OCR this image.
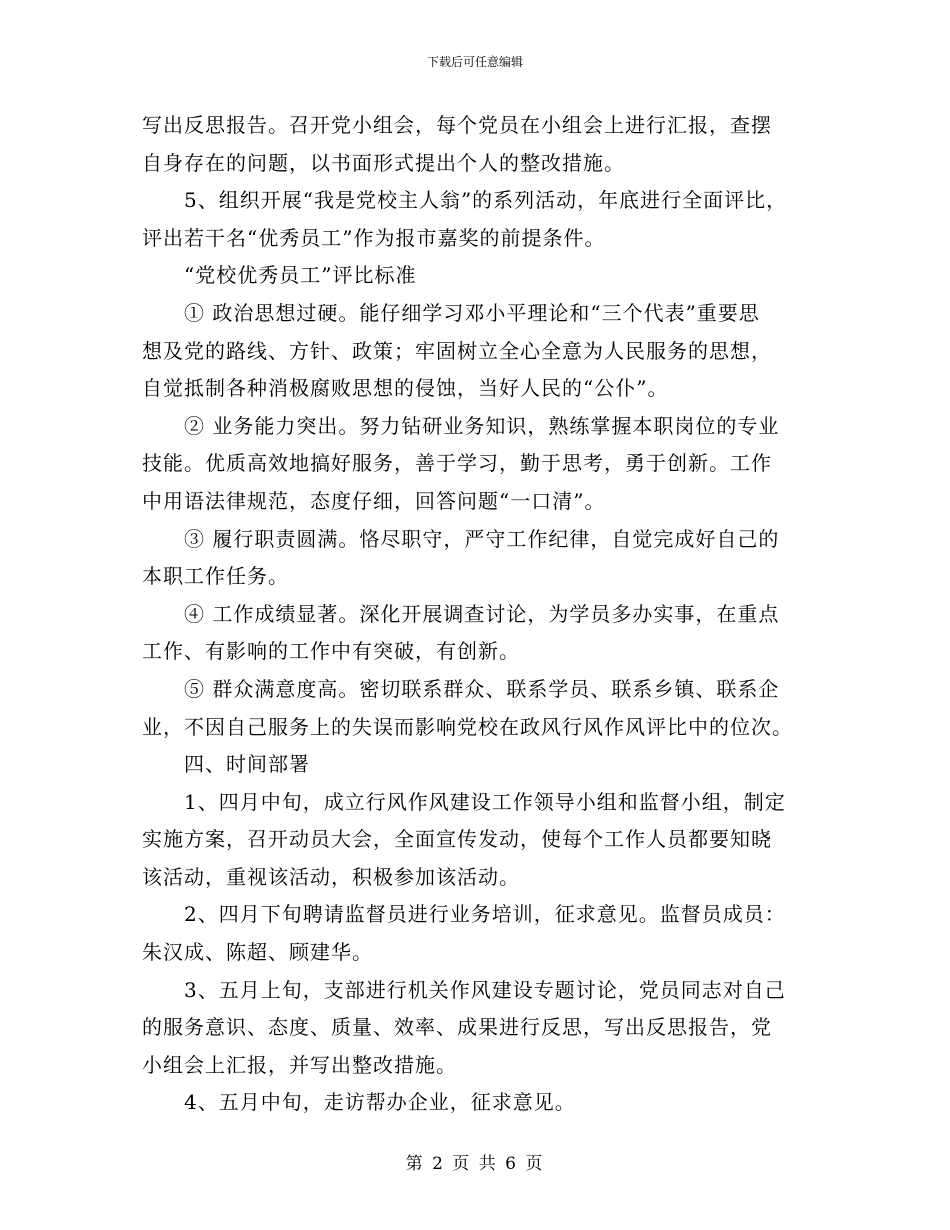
下载后可任意编辑
写出反思报告。召开党小组会，每个党员在小组会上进行汇报，查摆
自身存在的问题，以书面形式提出个人的整改措施。
5、组织开展“我是党校主人翁”的系列活动，年底进行全面评比，
评出若干名“优秀员工”作为报市嘉奖的前提条件。
“党校优秀员工”评比标准
① 政治思想过硬。能仔细学习邓小平理论和“三个代表”重要思
想及党的路线、方针、政策；牢固树立全心全意为人民服务的思想，
自觉抵制各种消极腐败思想的侵蚀，当好人民的“公仆”。
② 业务能力突出。努力钻研业务知识，熟练掌握本职岗位的专业
技能。优质高效地搞好服务，善于学习，勤于思考，勇于创新。工作
中用语法律规范，态度仔细，回答问题“一口清”。
③ 履行职责圆满。恪尽职守，严守工作纪律，自觉完成好自己的
本职工作任务。
④ 工作成绩显著。深化开展调查讨论，为学员多办实事，在重点
工作、有影响的工作中有突破，有创新。
⑤ 群众满意度高。密切联系群众、联系学员、联系乡镇、联系企
业，不因自己服务上的失误而影响党校在政风行风作风评比中的位次。
四、时间部署
1、四月中旬，成立行风作风建设工作领导小组和监督小组，制定
实施方案，召开动员大会，全面宣传发动，使每个工作人员都要知晓
该活动，重视该活动，积极参加该活动。
2、四月下旬聘请监督员进行业务培训，征求意见。监督员成员：
朱汉成、陈超、顾建华。
3、五月上旬，支部进行机关作风建设专题讨论，党员同志对自己
的服务意识、态度、质量、效率、成果进行反思，写出反思报告，党
小组会上汇报，并写出整改措施。
4、五月中旬，走访帮办企业，征求意见。
第 2 页 共 6 页
